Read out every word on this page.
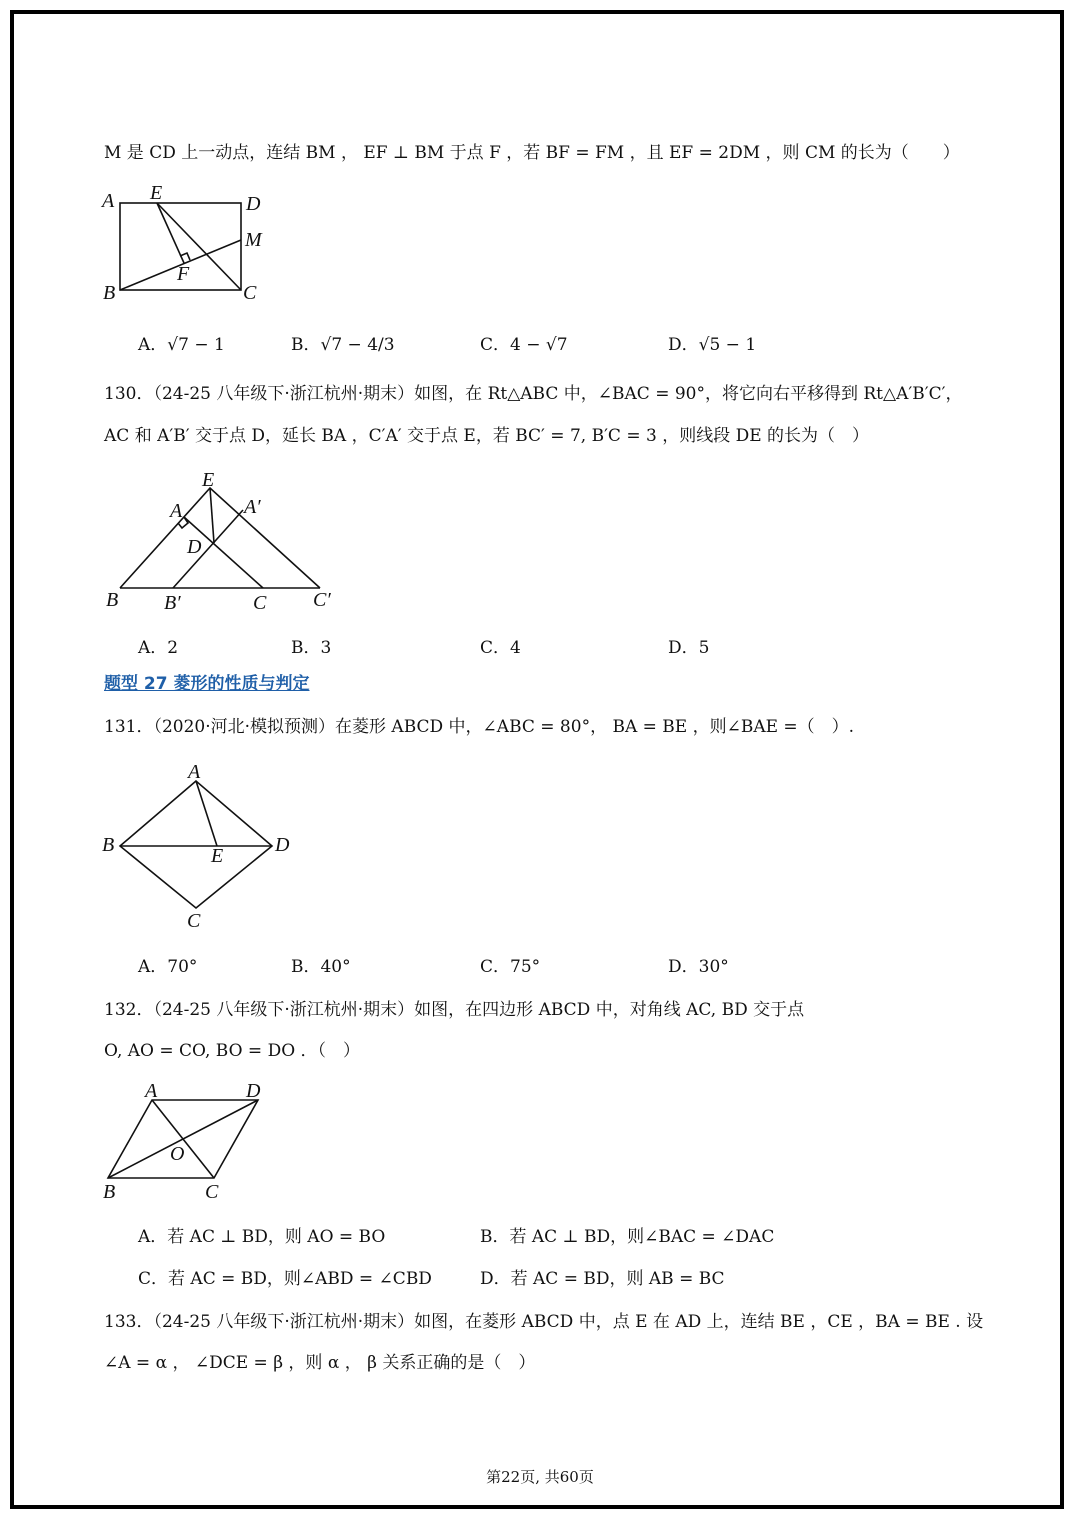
M 是 CD 上一动点，连结 BM ， EF ⊥ BM 于点 F ，若 BF = FM ，且 EF = 2DM ，则 CM 的长为（　　）
A E	D
M
F
B	C
A．√7 − 1	B．√7 − 4/3	C．4 − √7	D．√5 − 1
130．（24-25 八年级下·浙江杭州·期末）如图，在 Rt△ABC 中，∠BAC = 90°，将它向右平移得到 Rt△A′B′C′，
AC 和 A′B′ 交于点 D，延长 BA ，C′A′ 交于点 E，若 BC′ = 7, B′C = 3 ，则线段 DE 的长为（　）
E
A	A′
D
B B′	C C′
A．2	B．3	C．4	D．5
题型 27 菱形的性质与判定
131．（2020·河北·模拟预测）在菱形 ABCD 中，∠ABC = 80°， BA = BE ，则∠BAE =（　）.
A
B	E	D
C
A．70°	B．40°	C．75°	D．30°
132．（24-25 八年级下·浙江杭州·期末）如图，在四边形 ABCD 中，对角线 AC, BD 交于点
O, AO = CO, BO = DO ．（　）
A	D
O
B	C
A．若 AC ⊥ BD，则 AO = BO	B．若 AC ⊥ BD，则∠BAC = ∠DAC
C．若 AC = BD，则∠ABD = ∠CBD	D．若 AC = BD，则 AB = BC
133．（24-25 八年级下·浙江杭州·期末）如图，在菱形 ABCD 中，点 E 在 AD 上，连结 BE ，CE ，BA = BE . 设
∠A = α ， ∠DCE = β ，则 α ， β 关系正确的是（　）
第22页, 共60页
